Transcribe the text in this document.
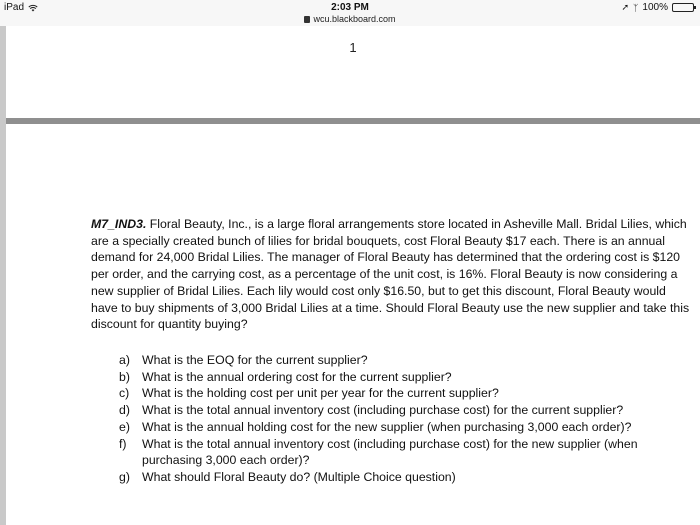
iPad	2:03 PM
wcu.blackboard.com
➚ ᛉ 100%
1

M7_IND3. Floral Beauty, Inc., is a large floral arrangements store located in Asheville Mall. Bridal Lilies, which are a specially created bunch of lilies for bridal bouquets, cost Floral Beauty $17 each. There is an annual demand for 24,000 Bridal Lilies. The manager of Floral Beauty has determined that the ordering cost is $120 per order, and the carrying cost, as a percentage of the unit cost, is 16%. Floral Beauty is now considering a new supplier of Bridal Lilies. Each lily would cost only $16.50, but to get this discount, Floral Beauty would have to buy shipments of 3,000 Bridal Lilies at a time. Should Floral Beauty use the new supplier and take this discount for quantity buying?

a) What is the EOQ for the current supplier?
b) What is the annual ordering cost for the current supplier?
c)	What is the holding cost per unit per year for the current supplier?
d) What is the total annual inventory cost (including purchase cost) for the current supplier?
e) What is the annual holding cost for the new supplier (when purchasing 3,000 each order)?
f)	What is the total annual inventory cost (including purchase cost) for the new supplier (when purchasing 3,000 each order)?
g) What should Floral Beauty do? (Multiple Choice question)
